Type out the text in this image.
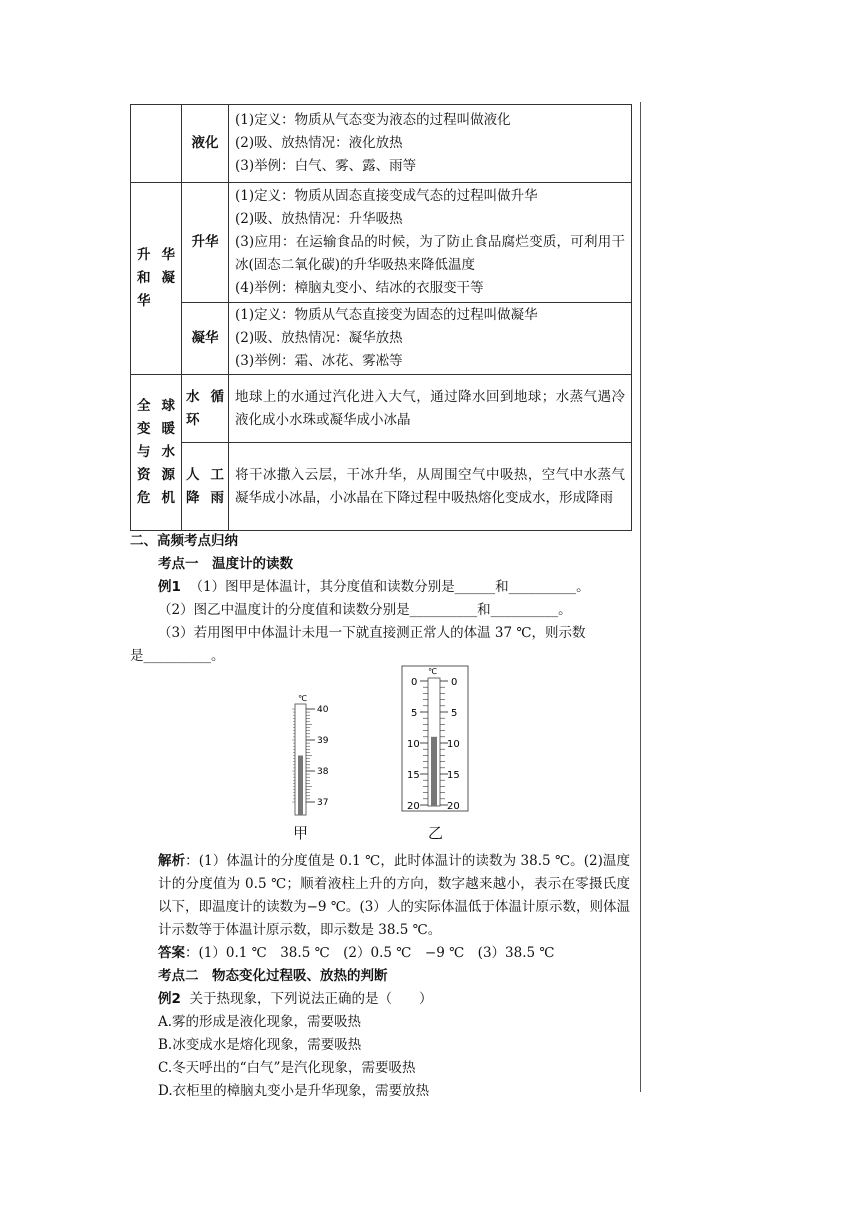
	液化	(1)定义：物质从气态变为液态的过程叫做液化
(2)吸、放热情况：液化放热
(3)举例：白气、雾、露、雨等

升华和凝华	升华	(1)定义：物质从固态直接变成气态的过程叫做升华
(2)吸、放热情况：升华吸热
(3)应用：在运输食品的时候，为了防止食品腐烂变质，可利用干冰(固态二氧化碳)的升华吸热来降低温度
(4)举例：樟脑丸变小、结冰的衣服变干等

	凝华	(1)定义：物质从气态直接变为固态的过程叫做凝华
(2)吸、放热情况：凝华放热
(3)举例：霜、冰花、雾凇等

全球变暖与水资源危机	水循环	地球上的水通过汽化进入大气，通过降水回到地球；水蒸气遇冷液化成小水珠或凝华成小冰晶

	人工降雨	将干冰撒入云层，干冰升华，从周围空气中吸热，空气中水蒸气凝华成小冰晶，小冰晶在下降过程中吸热熔化变成水，形成降雨
二、高频考点归纳
考点一　温度计的读数
例1 （1）图甲是体温计，其分度值和读数分别是______和__________。
（2）图乙中温度计的分度值和读数分别是__________和__________。
（3）若用图甲中体温计未甩一下就直接测正常人的体温 37 ℃，则示数
是__________。
℃
40
39
38
37
℃
0
5
10
15
20
0
5
10
15
20
甲	乙
解析：(1）体温计的分度值是 0.1 ℃，此时体温计的读数为 38.5 ℃。(2)温度计的分度值为 0.5 ℃；顺着液柱上升的方向，数字越来越小，表示在零摄氏度以下，即温度计的读数为−9 ℃。(3）人的实际体温低于体温计原示数，则体温计示数等于体温计原示数，即示数是 38.5 ℃。
答案：(1）0.1 ℃　38.5 ℃　(2）0.5 ℃　−9 ℃　(3）38.5 ℃
考点二　物态变化过程吸、放热的判断
例2 关于热现象，下列说法正确的是（　　）
A.雾的形成是液化现象，需要吸热
B.冰变成水是熔化现象，需要吸热
C.冬天呼出的“白气”是汽化现象，需要吸热
D.衣柜里的樟脑丸变小是升华现象，需要放热
